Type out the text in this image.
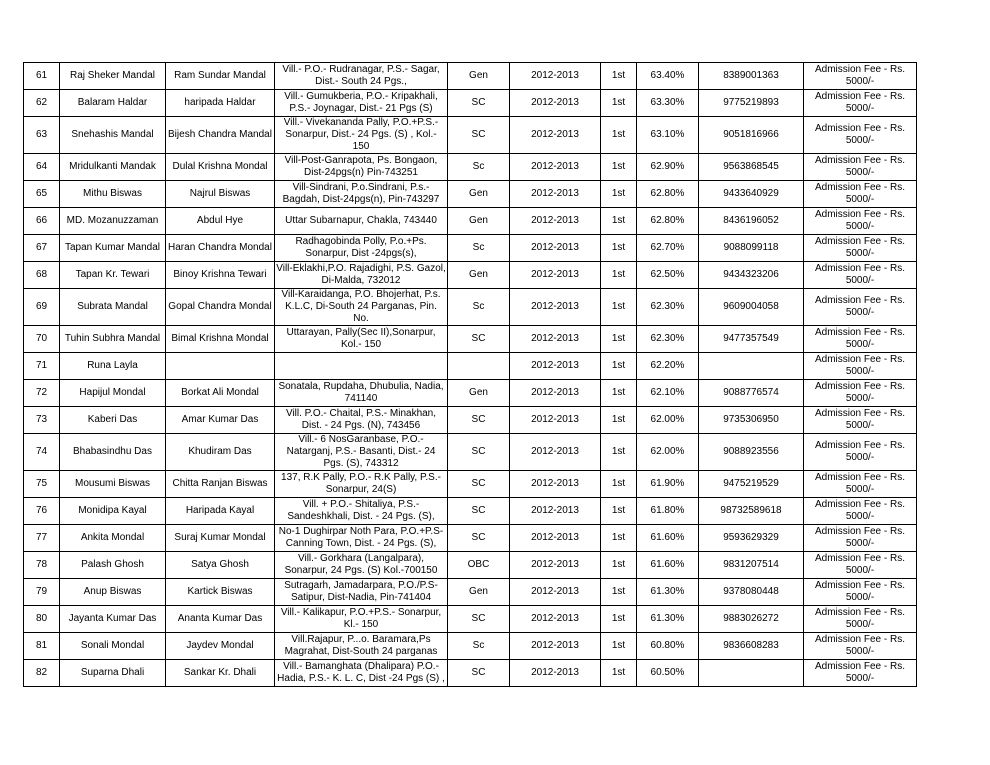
61	Raj Sheker Mandal	Ram Sundar Mandal	Vill.- P.O.- Rudranagar, P.S.- Sagar, Dist.- South 24 Pgs.,	Gen	2012-2013	1st	63.40%	8389001363	Admission Fee - Rs. 5000/-
62	Balaram Haldar	haripada Haldar	Vill.- Gumukberia, P.O.- Kripakhali, P.S.- Joynagar, Dist.- 21 Pgs (S)	SC	2012-2013	1st	63.30%	9775219893	Admission Fee - Rs. 5000/-
63	Snehashis Mandal	Bijesh Chandra Mandal	Vill.- Vivekananda Pally, P.O.+P.S.- Sonarpur, Dist.- 24 Pgs. (S) , Kol.- 150	SC	2012-2013	1st	63.10%	9051816966	Admission Fee - Rs. 5000/-
64	Mridulkanti Mandak	Dulal Krishna Mondal	Vill-Post-Ganrapota, Ps. Bongaon, Dist-24pgs(n) Pin-743251	Sc	2012-2013	1st	62.90%	9563868545	Admission Fee - Rs. 5000/-
65	Mithu Biswas	Najrul Biswas	Vill-Sindrani, P.o.Sindrani, P.s.-Bagdah, Dist-24pgs(n), Pin-743297	Gen	2012-2013	1st	62.80%	9433640929	Admission Fee - Rs. 5000/-
66	MD. Mozanuzzaman	Abdul Hye	Uttar Subarnapur, Chakla, 743440	Gen	2012-2013	1st	62.80%	8436196052	Admission Fee - Rs. 5000/-
67	Tapan Kumar Mandal	Haran Chandra Mondal	Radhagobinda Polly, P.o.+Ps. Sonarpur, Dist -24pgs(s),	Sc	2012-2013	1st	62.70%	9088099118	Admission Fee - Rs. 5000/-
68	Tapan Kr. Tewari	Binoy Krishna Tewari	Vill-Eklakhi,P.O. Rajadighi, P.S. Gazol, Di-Malda, 732012	Gen	2012-2013	1st	62.50%	9434323206	Admission Fee - Rs. 5000/-
69	Subrata Mandal	Gopal Chandra Mondal	Vill-Karaidanga, P.O. Bhojerhat, P.s. K.L.C, Di-South 24 Parganas, Pin. No.	Sc	2012-2013	1st	62.30%	9609004058	Admission Fee - Rs. 5000/-
70	Tuhin Subhra Mandal	Bimal Krishna Mondal	Uttarayan, Pally(Sec II),Sonarpur, Kol.- 150	SC	2012-2013	1st	62.30%	9477357549	Admission Fee - Rs. 5000/-
71	Runa Layla				2012-2013	1st	62.20%		Admission Fee - Rs. 5000/-
72	Hapijul Mondal	Borkat Ali Mondal	Sonatala, Rupdaha, Dhubulia, Nadia, 741140	Gen	2012-2013	1st	62.10%	9088776574	Admission Fee - Rs. 5000/-
73	Kaberi Das	Amar Kumar Das	Vill. P.O.- Chaital, P.S.- Minakhan, Dist. - 24 Pgs. (N), 743456	SC	2012-2013	1st	62.00%	9735306950	Admission Fee - Rs. 5000/-
74	Bhabasindhu Das	Khudiram Das	Vill.- 6 NosGaranbase, P.O.- Natarganj, P.S.- Basanti, Dist.- 24 Pgs. (S), 743312	SC	2012-2013	1st	62.00%	9088923556	Admission Fee - Rs. 5000/-
75	Mousumi Biswas	Chitta Ranjan Biswas	137, R.K Pally, P.O.- R.K Pally, P.S.- Sonarpur, 24(S)	SC	2012-2013	1st	61.90%	9475219529	Admission Fee - Rs. 5000/-
76	Monidipa Kayal	Haripada Kayal	Vill. + P.O.- Shitaliya, P.S.- Sandeshkhali, Dist. - 24 Pgs. (S),	SC	2012-2013	1st	61.80%	98732589618	Admission Fee - Rs. 5000/-
77	Ankita Mondal	Suraj Kumar Mondal	No-1 Dughirpar Noth Para, P.O.+P.S- Canning Town, Dist. - 24 Pgs. (S),	SC	2012-2013	1st	61.60%	9593629329	Admission Fee - Rs. 5000/-
78	Palash Ghosh	Satya Ghosh	Vill.- Gorkhara (Langalpara), Sonarpur, 24 Pgs. (S) Kol.-700150	OBC	2012-2013	1st	61.60%	9831207514	Admission Fee - Rs. 5000/-
79	Anup Biswas	Kartick Biswas	Sutragarh, Jamadarpara, P.O./P.S- Satipur, Dist-Nadia, Pin-741404	Gen	2012-2013	1st	61.30%	9378080448	Admission Fee - Rs. 5000/-
80	Jayanta Kumar Das	Ananta Kumar Das	Vill.- Kalikapur, P.O.+P.S.- Sonarpur, Kl.- 150	SC	2012-2013	1st	61.30%	9883026272	Admission Fee - Rs. 5000/-
81	Sonali Mondal	Jaydev Mondal	Vill.Rajapur, P...o. Baramara,Ps Magrahat, Dist-South 24 parganas	Sc	2012-2013	1st	60.80%	9836608283	Admission Fee - Rs. 5000/-
82	Suparna Dhali	Sankar Kr. Dhali	Vill.- Bamanghata (Dhalipara) P.O.- Hadia, P.S.- K. L. C, Dist -24 Pgs (S) ,	SC	2012-2013	1st	60.50%		Admission Fee - Rs. 5000/-
